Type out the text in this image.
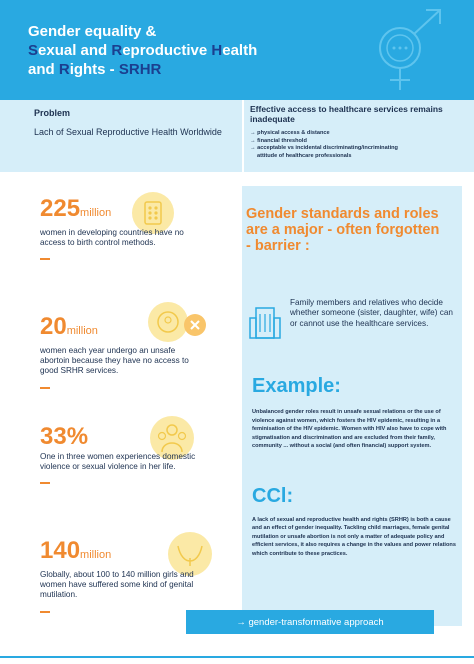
Gender equality &
Sexual and Reproductive Health
and Rights - SRHR
Problem
Lach of Sexual Reproductive Health Worldwide
Effective access to healthcare services remains inadequate
→ physical access & distance
→ financial threshold
→ acceptable vs incidental discriminating/incriminating
attitude of healthcare professionals
225million
women in developing countries have no access to birth control methods.
20million
women each year undergo an unsafe abortoin because they have no access to good SRHR services.
33%
One in three women experiences domestic violence or sexual violence in her life.
140million
Globally, about 100 to 140 million girls and women have suffered some kind of genital mutilation.
Gender standards and roles are a major - often forgotten - barrier :
Family members and relatives who decide whether someone (sister, daughter, wife) can or cannot use the healthcare services.
Example:
Unbalanced gender roles result in unsafe sexual relations or the use of violence against women, which fosters the HIV epidemic, resulting in a feminisation of the HIV epidemic. Women with HIV also have to cope with stigmatisation and discrimination and are excluded from their family, community ... without a social (and often financial) support system.
CCl:
A lack of sexual and reproductive health and rights (SRHR) is both a cause and an effect of gender inequality. Tackling child marriages, female genital mutilation or unsafe abortion is not only a matter of adequate policy and efficient services, it also requires a change in the values and power relations which contribute to these practices.
→ gender-transformative approach
